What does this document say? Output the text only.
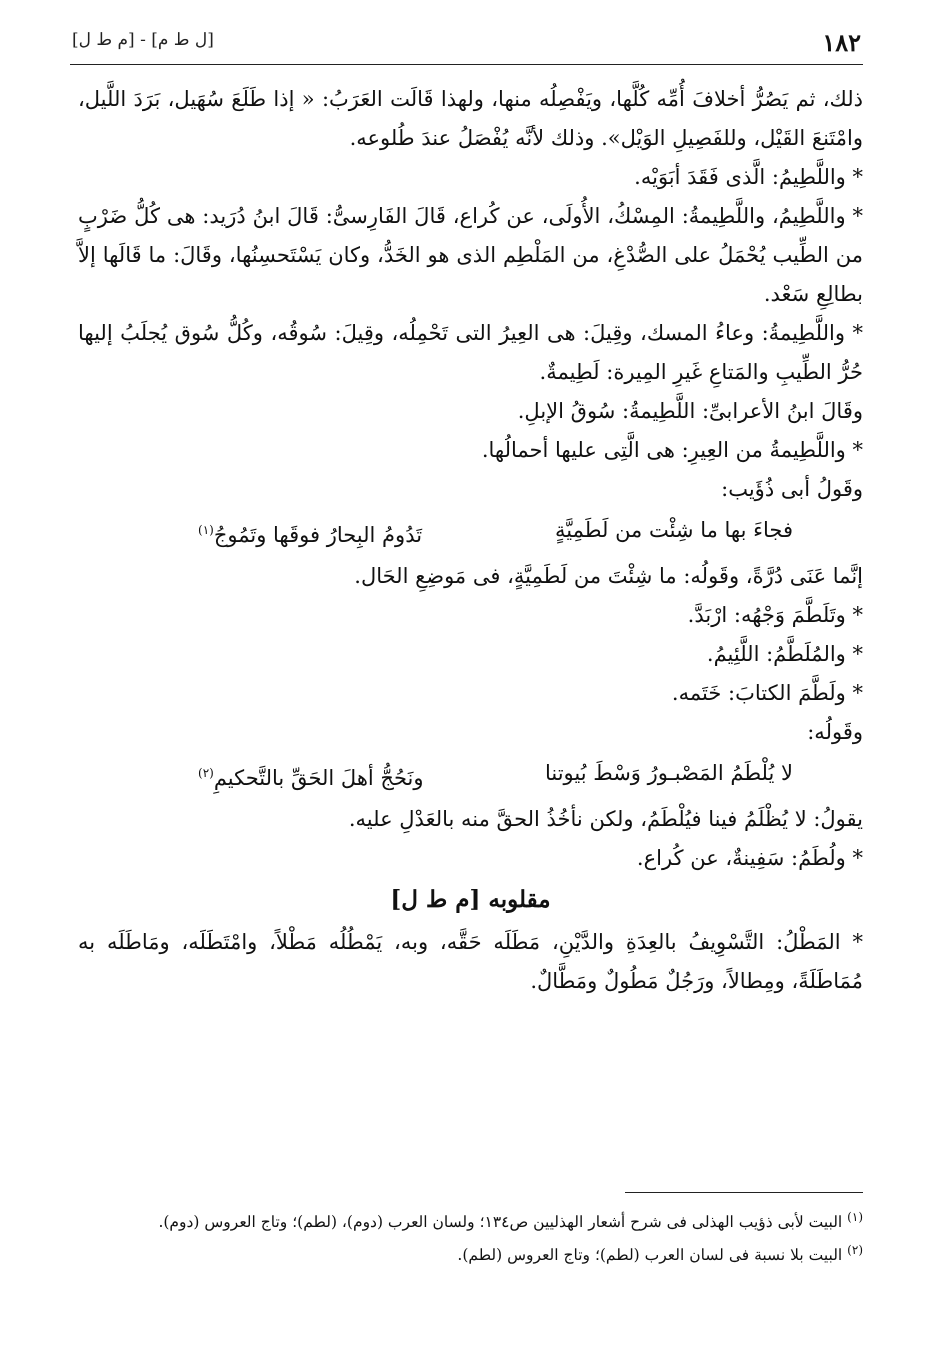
[ل ط م] - [م ط ل]	١٨٢

ذلك، ثم يَصُرُّ أخلافَ أُمِّه كُلَّها، ويَفْصِلُه منها، ولهذا قَالَت العَرَبُ: « إذا طَلَعَ سُهَيل، بَرَدَ اللَّيل، وامْتَنعَ القَيْل، وللفَصِيلِ الوَيْل». وذلك لأنَّه يُفْصَلُ عندَ طُلوعه.

* واللَّطِيمُ: الَّذى فَقَدَ أبَوَيْه.

* واللَّطِيمُ، واللَّطِيمةُ: المِسْكُ، الأُولَى، عن كُراع، قَالَ الفَارِسىُّ: قَالَ ابنُ دُرَيد: هى كُلُّ ضَرْبٍ من الطِّيب يُحْمَلُ على الصُّدْغِ، من المَلْطِم الذى هو الخَدُّ، وكان يَسْتَحسِنُها، وقَالَ: ما قَالَها إلاَّ بطالِعِ سَعْد.

* واللَّطِيمةُ: وعاءُ المسك، وقِيلَ: هى العِيرُ التى تَحْمِلُه، وقِيلَ: سُوقُه، وكُلُّ سُوق يُجلَبُ إليها حُرُّ الطِّيبِ والمَتاعِ غَيرِ المِيرة: لَطِيمةٌ.

وقَالَ ابنُ الأعرابىِّ: اللَّطِيمةُ: سُوقُ الإبلِ.

* واللَّطِيمةُ من العِيرِ: هى الَّتِى عليها أحمالُها.

وقَولُ أبى ذُؤَيب:

فجاءَ بها ما شِئْت من لَطَمِيَّةٍ
تَدُومُ البِحارُ فوقَها وتَمُوجُ$^{(١)}$

إنَّما عَنَى دُرَّةً، وقَولُه: ما شِئْتَ من لَطَمِيَّةٍ، فى مَوضِعِ الحَال.

* وتَلَطَّمَ وَجْهُه: ارْبَدَّ.

* والمُلَطَّمُ: اللَّئِيمُ.

* ولَطَّمَ الكتابَ: خَتَمه.

وقَولُه:

لا يُلْطَمُ المَصْبـورُ وَسْطَ بُيوتنا
ونَحُجُّ أهلَ الحَقِّ بالتَّحكيمِ$^{(٢)}$

يقولُ: لا يُظْلَمُ فينا فيُلْطَمُ، ولكن نأخُذُ الحقَّ منه بالعَدْلِ عليه.

* ولُطَمُ: سَفِينةٌ، عن كُراع.

مقلوبه [م ط ل]

* المَطْلُ: التَّسْوِيفُ بالعِدَةِ والدَّيْنِ، مَطَلَه حَقَّه، وبه، يَمْطُلُه مَطْلاً، وامْتَطَلَه، ومَاطَلَه به مُمَاطَلَةً، ومِطالاً، ورَجُلٌ مَطُولٌ ومَطَّالٌ.

$^{(١)}$ البيت لأبى ذؤيب الهذلى فى شرح أشعار الهذليين ص١٣٤؛ ولسان العرب (دوم)، (لطم)؛ وتاج العروس (دوم).

$^{(٢)}$ البيت بلا نسبة فى لسان العرب (لطم)؛ وتاج العروس (لطم).
